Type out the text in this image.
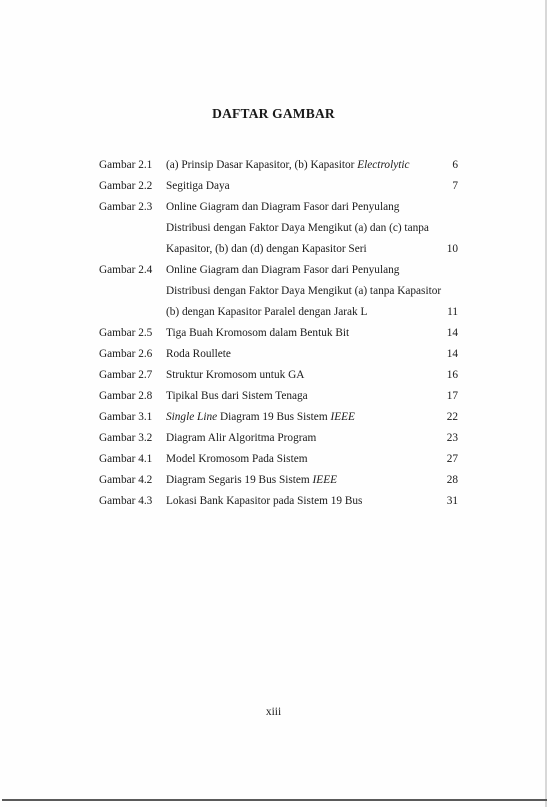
DAFTAR GAMBAR
Gambar 2.1 (a) Prinsip Dasar Kapasitor, (b) Kapasitor Electrolytic	6
Gambar 2.2 Segitiga Daya	7
Gambar 2.3 Online Giagram dan Diagram Fasor dari Penyulang
Distribusi dengan Faktor Daya Mengikut (a) dan (c) tanpa
Kapasitor, (b) dan (d) dengan Kapasitor Seri	10
Gambar 2.4 Online Giagram dan Diagram Fasor dari Penyulang
Distribusi dengan Faktor Daya Mengikut (a) tanpa Kapasitor
(b) dengan Kapasitor Paralel dengan Jarak L	11
Gambar 2.5 Tiga Buah Kromosom dalam Bentuk Bit	14
Gambar 2.6 Roda Roullete	14
Gambar 2.7 Struktur Kromosom untuk GA	16
Gambar 2.8 Tipikal Bus dari Sistem Tenaga	17
Gambar 3.1 Single Line Diagram 19 Bus Sistem IEEE	22
Gambar 3.2 Diagram Alir Algoritma Program	23
Gambar 4.1 Model Kromosom Pada Sistem	27
Gambar 4.2 Diagram Segaris 19 Bus Sistem IEEE	28
Gambar 4.3 Lokasi Bank Kapasitor pada Sistem 19 Bus	31
xiii
